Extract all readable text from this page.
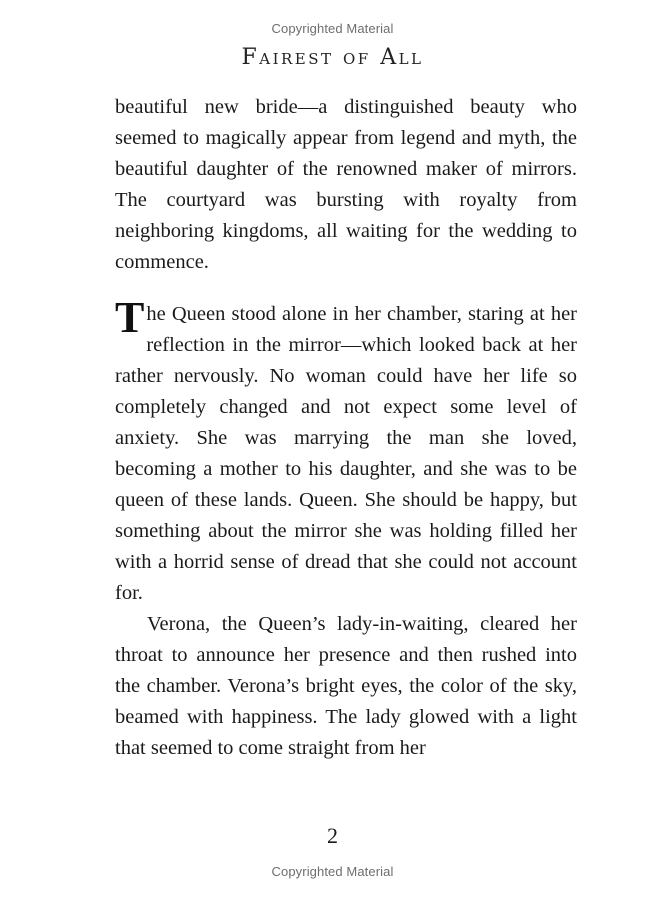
Copyrighted Material
Fairest of All

beautiful new bride—a distinguished beauty who seemed to magically appear from legend and myth, the beautiful daughter of the renowned maker of mirrors. The courtyard was bursting with royalty from neighboring kingdoms, all waiting for the wedding to commence.

The Queen stood alone in her chamber, staring at her reflection in the mirror—which looked back at her rather nervously. No woman could have her life so completely changed and not expect some level of anxiety. She was marrying the man she loved, becoming a mother to his daughter, and she was to be queen of these lands. Queen. She should be happy, but something about the mirror she was holding filled her with a horrid sense of dread that she could not account for.

Verona, the Queen’s lady-in-waiting, cleared her throat to announce her presence and then rushed into the chamber. Verona’s bright eyes, the color of the sky, beamed with happiness. The lady glowed with a light that seemed to come straight from her

2
Copyrighted Material
